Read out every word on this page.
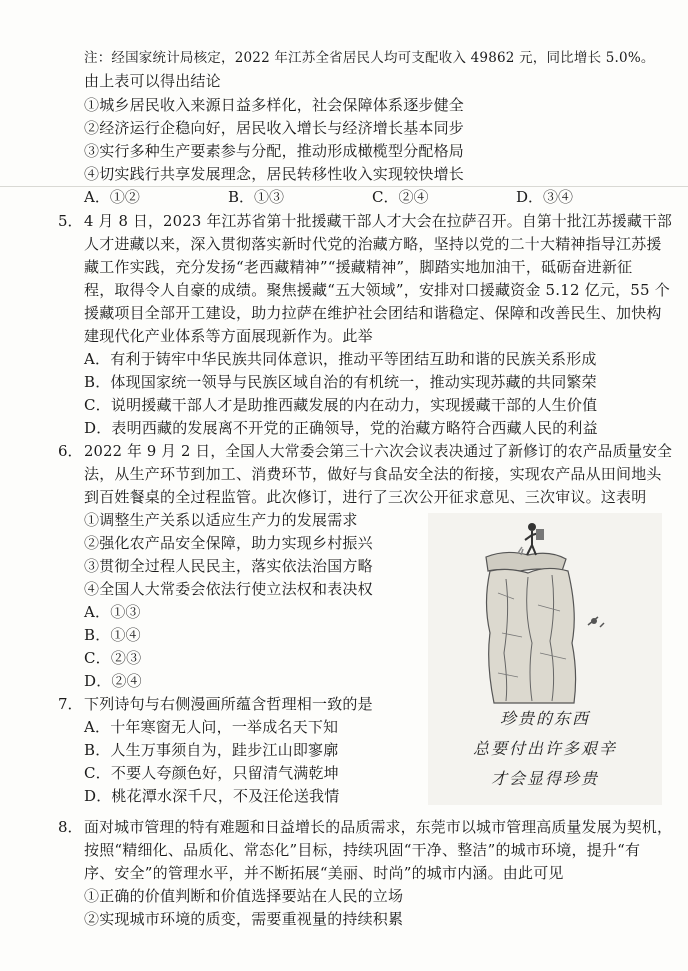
注：经国家统计局核定，2022 年江苏全省居民人均可支配收入 49862 元，同比增长 5.0%。
由上表可以得出结论
①城乡居民收入来源日益多样化，社会保障体系逐步健全
②经济运行企稳向好，居民收入增长与经济增长基本同步
③实行多种生产要素参与分配，推动形成橄榄型分配格局
④切实践行共享发展理念，居民转移性收入实现较快增长
A．①②	B．①③	C．②④	D．③④
5． 4 月 8 日，2023 年江苏省第十批援藏干部人才大会在拉萨召开。自第十批江苏援藏干部
人才进藏以来，深入贯彻落实新时代党的治藏方略，坚持以党的二十大精神指导江苏援
藏工作实践，充分发扬“老西藏精神”“援藏精神”，脚踏实地加油干，砥砺奋进新征
程，取得令人自豪的成绩。聚焦援藏“五大领域”，安排对口援藏资金 5.12 亿元，55 个
援藏项目全部开工建设，助力拉萨在维护社会团结和谐稳定、保障和改善民生、加快构
建现代化产业体系等方面展现新作为。此举
A．有利于铸牢中华民族共同体意识，推动平等团结互助和谐的民族关系形成
B．体现国家统一领导与民族区域自治的有机统一，推动实现苏藏的共同繁荣
C．说明援藏干部人才是助推西藏发展的内在动力，实现援藏干部的人生价值
D．表明西藏的发展离不开党的正确领导，党的治藏方略符合西藏人民的利益
6． 2022 年 9 月 2 日，全国人大常委会第三十六次会议表决通过了新修订的农产品质量安全
法，从生产环节到加工、消费环节，做好与食品安全法的衔接，实现农产品从田间地头
到百姓餐桌的全过程监管。此次修订，进行了三次公开征求意见、三次审议。这表明
①调整生产关系以适应生产力的发展需求
②强化农产品安全保障，助力实现乡村振兴
③贯彻全过程人民民主，落实依法治国方略
④全国人大常委会依法行使立法权和表决权
A．①③
B．①④
C．②③
D．②④
7． 下列诗句与右侧漫画所蕴含哲理相一致的是
A．十年寒窗无人问，一举成名天下知
B．人生万事须自为，跬步江山即寥廓
C．不要人夸颜色好，只留清气满乾坤
D．桃花潭水深千尺，不及汪伦送我情
珍贵的东西
总要付出许多艰辛
才会显得珍贵
8． 面对城市管理的特有难题和日益增长的品质需求，东莞市以城市管理高质量发展为契机，
按照“精细化、品质化、常态化”目标，持续巩固“干净、整洁”的城市环境，提升“有
序、安全”的管理水平，并不断拓展“美丽、时尚”的城市内涵。由此可见
①正确的价值判断和价值选择要站在人民的立场
②实现城市环境的质变，需要重视量的持续积累
